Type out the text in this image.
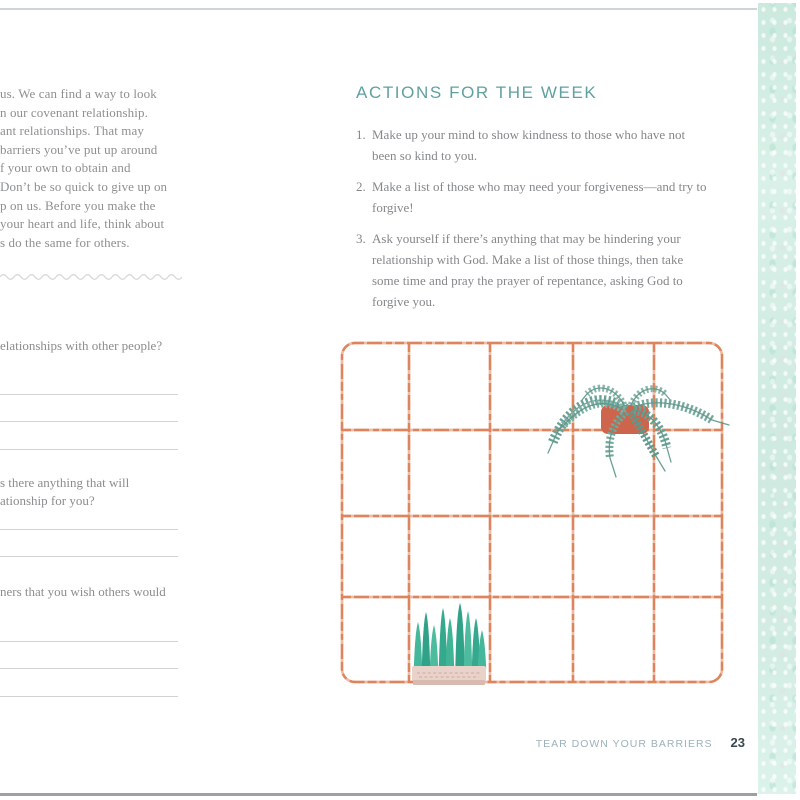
us. We can find a way to look
n our covenant relationship.
ant relationships. That may
barriers you’ve put up around
f your own to obtain and
Don’t be so quick to give up on
p on us. Before you make the
your heart and life, think about
s do the same for others.
elationships with other people?
s there anything that will
ationship for you?
ners that you wish others would
ACTIONS FOR THE WEEK
1. Make up your mind to show kindness to those who have not
been so kind to you.
2. Make a list of those who may need your forgiveness—and try to
forgive!
3. Ask yourself if there’s anything that may be hindering your
relationship with God. Make a list of those things, then take
some time and pray the prayer of repentance, asking God to
forgive you.
TEAR DOWN YOUR BARRIERS 23
